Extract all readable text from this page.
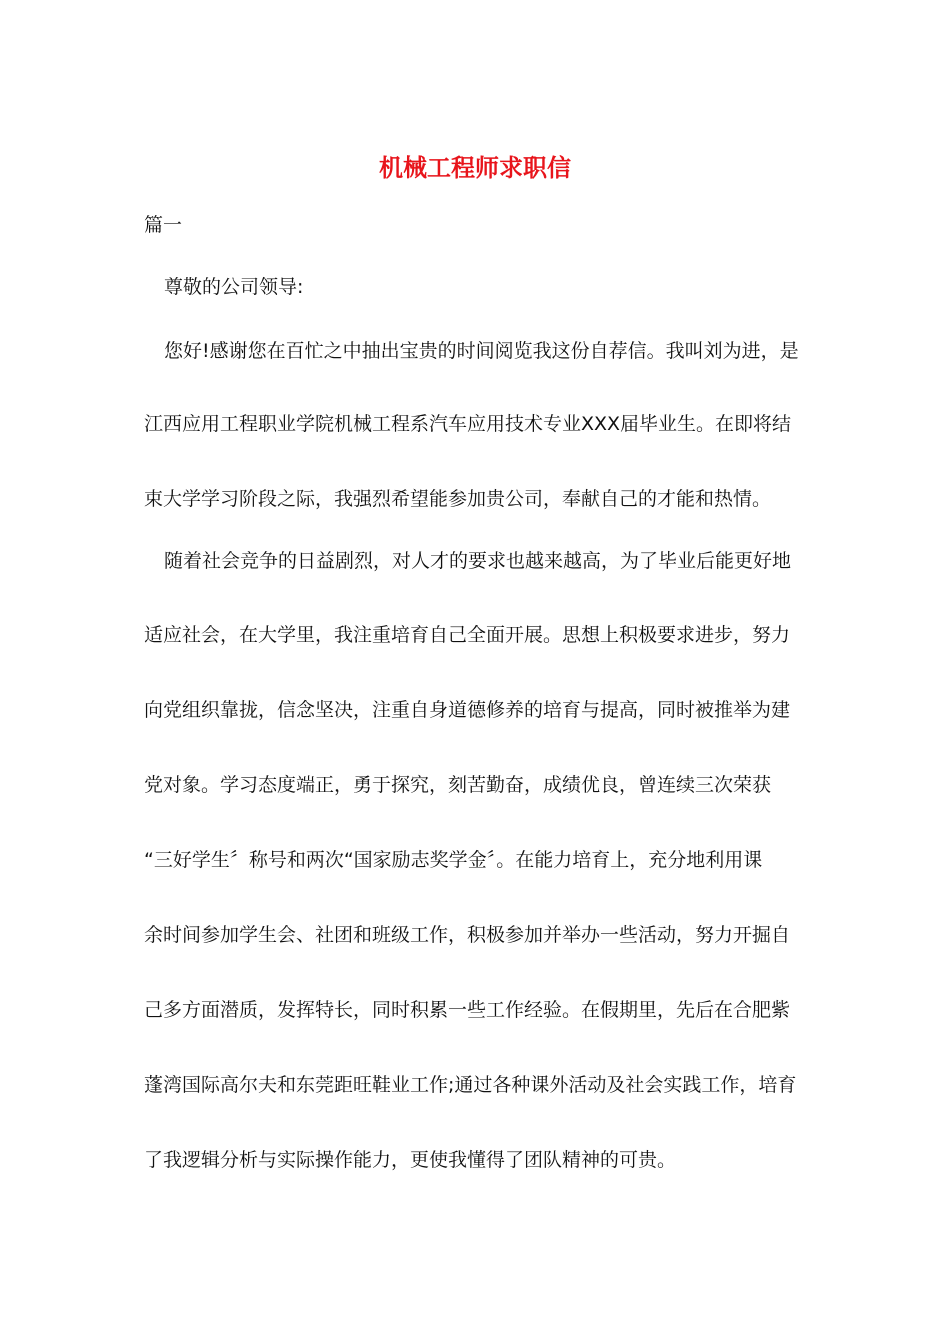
机械工程师求职信

篇一

尊敬的公司领导:

您好!感谢您在百忙之中抽出宝贵的时间阅览我这份自荐信。我叫刘为进，是

江西应用工程职业学院机械工程系汽车应用技术专业XXX届毕业生。在即将结

束大学学习阶段之际，我强烈希望能参加贵公司，奉献自己的才能和热情。

随着社会竞争的日益剧烈，对人才的要求也越来越高，为了毕业后能更好地

适应社会，在大学里，我注重培育自己全面开展。思想上积极要求进步，努力

向党组织靠拢，信念坚决，注重自身道德修养的培育与提高，同时被推举为建

党对象。学习态度端正，勇于探究，刻苦勤奋，成绩优良，曾连续三次荣获

“三好学生〞称号和两次“国家励志奖学金〞。在能力培育上，充分地利用课

余时间参加学生会、社团和班级工作，积极参加并举办一些活动，努力开掘自

己多方面潜质，发挥特长，同时积累一些工作经验。在假期里，先后在合肥紫

蓬湾国际高尔夫和东莞距旺鞋业工作;通过各种课外活动及社会实践工作，培育

了我逻辑分析与实际操作能力，更使我懂得了团队精神的可贵。
